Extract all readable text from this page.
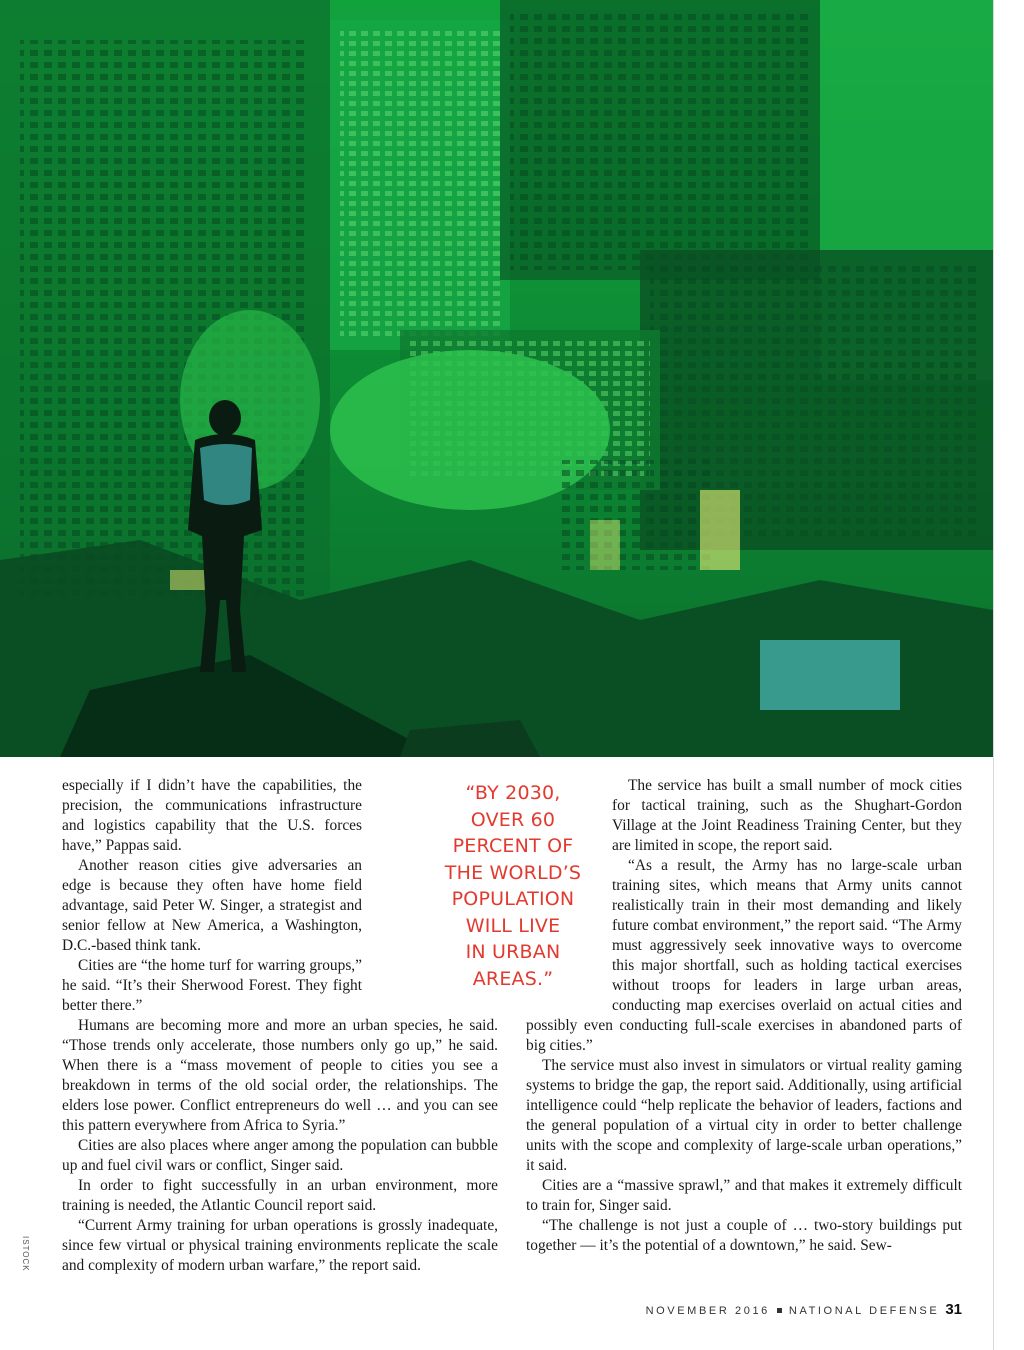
especially if I didn’t have the capabilities, the precision, the communications infrastructure and logistics capability that the U.S. forces have,” Pappas said.

Another reason cities give adversaries an edge is because they often have home field advantage, said Peter W. Singer, a strategist and senior fellow at New America, a Washington, D.C.-based think tank.

Cities are “the home turf for warring groups,” he said. “It’s their Sherwood Forest. They fight better there.”

Humans are becoming more and more an urban species, he said. “Those trends only accelerate, those numbers only go up,” he said. When there is a “mass movement of people to cities you see a breakdown in terms of the old social order, the relationships. The elders lose power. Conflict entrepreneurs do well … and you can see this pattern everywhere from Africa to Syria.”

Cities are also places where anger among the population can bubble up and fuel civil wars or conflict, Singer said.

In order to fight successfully in an urban environment, more training is needed, the Atlantic Council report said.

“Current Army training for urban operations is grossly inadequate, since few virtual or physical training environments replicate the scale and complexity of modern urban warfare,” the report said.

“BY 2030,
OVER 60
PERCENT OF
THE WORLD’S
POPULATION
WILL LIVE
IN URBAN
AREAS.”

The service has built a small number of mock cities for tactical training, such as the Shughart-Gordon Village at the Joint Readiness Training Center, but they are limited in scope, the report said.

“As a result, the Army has no large-scale urban training sites, which means that Army units cannot realistically train in their most demanding and likely future combat environment,” the report said. “The Army must aggressively seek innovative ways to overcome this major shortfall, such as holding tactical exercises without troops for leaders in large urban areas, conducting map exercises overlaid on actual cities and possibly even conducting full-scale exercises in abandoned parts of big cities.”

The service must also invest in simulators or virtual reality gaming systems to bridge the gap, the report said. Additionally, using artificial intelligence could “help replicate the behavior of leaders, factions and the general population of a virtual city in order to better challenge units with the scope and complexity of large-scale urban operations,” it said.

Cities are a “massive sprawl,” and that makes it extremely difficult to train for, Singer said.

“The challenge is not just a couple of … two-story buildings put together — it’s the potential of a downtown,” he said. Sew-

ISTOCK
NOVEMBER 2016 NATIONAL DEFENSE 31
